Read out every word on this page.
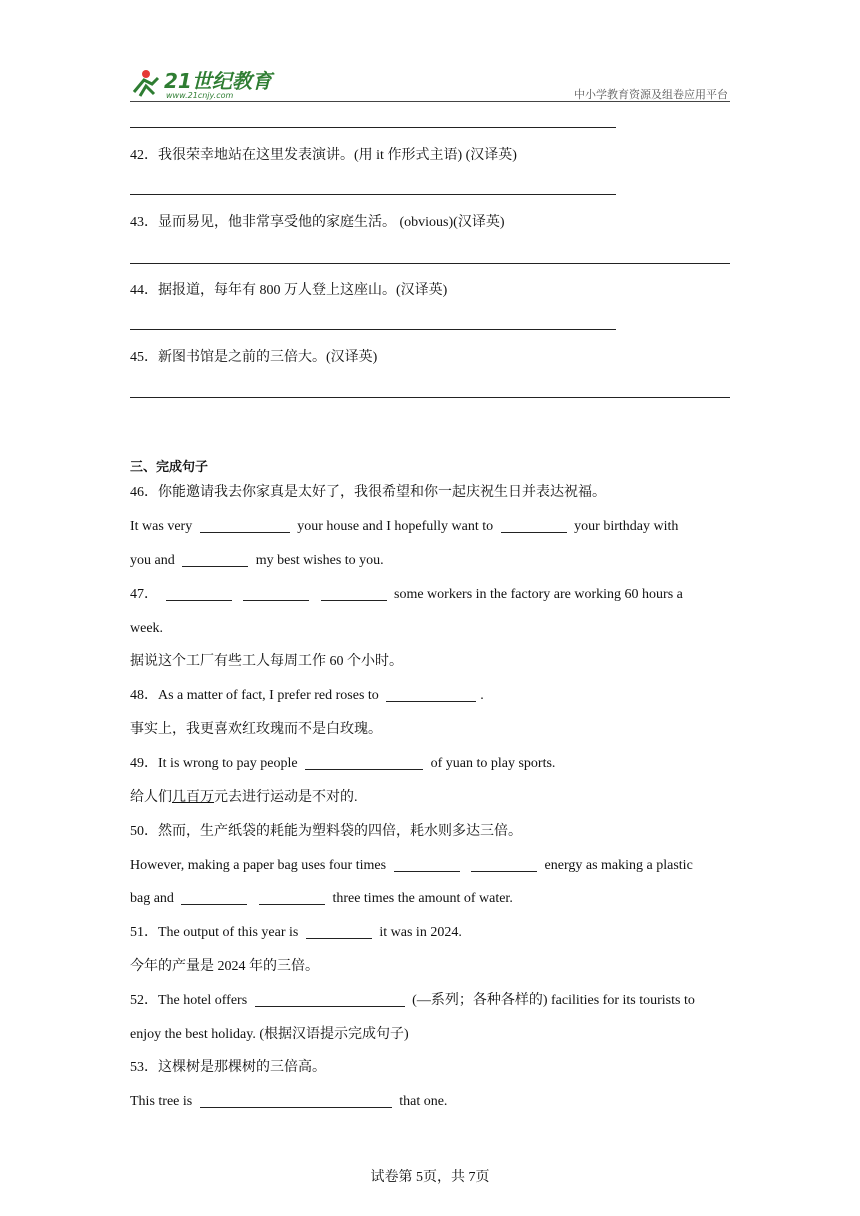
21世纪教育
www.21cnjy.com	中小学教育资源及组卷应用平台
42．我很荣幸地站在这里发表演讲。(用 it 作形式主语) (汉译英)
43．显而易见，他非常享受他的家庭生活。 (obvious)(汉译英)
44．据报道，每年有 800 万人登上这座山。(汉译英)
45．新图书馆是之前的三倍大。(汉译英)
三、完成句子
46．你能邀请我去你家真是太好了，我很希望和你一起庆祝生日并表达祝福。
It was very	your house and I hopefully want to	your birthday with
you and	my best wishes to you.
47．	some workers in the factory are working 60 hours a
week.
据说这个工厂有些工人每周工作 60 个小时。
48．As a matter of fact, I prefer red roses to	.
事实上，我更喜欢红玫瑰而不是白玫瑰。
49．It is wrong to pay people	of yuan to play sports.
给人们几百万元去进行运动是不对的.
50．然而，生产纸袋的耗能为塑料袋的四倍，耗水则多达三倍。
However, making a paper bag uses four times	energy as making a plastic
bag and	three times the amount of water.
51．The output of this year is	it was in 2024.
今年的产量是 2024 年的三倍。
52．The hotel offers	(—系列；各种各样的) facilities for its tourists to
enjoy the best holiday. (根据汉语提示完成句子)
53．这棵树是那棵树的三倍高。
This tree is	that one.
试卷第 5页，共 7页
